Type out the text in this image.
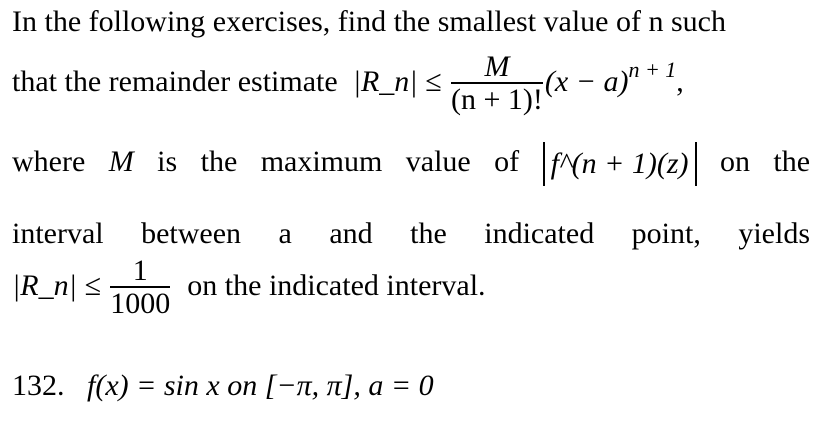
In the following exercises, find the smallest value of n such
that the remainder estimate |R_n| ≤ $\frac{M}{(n + 1)!} (x - a)^{n + 1}$,
where M is the maximum value of f^(n + 1)(z) on the
interval between a and the indicated point, yields
|R_n| ≤ $\frac{1}{1000}$ on the indicated interval.
132. f(x) = sin x on [−π, π], a = 0
